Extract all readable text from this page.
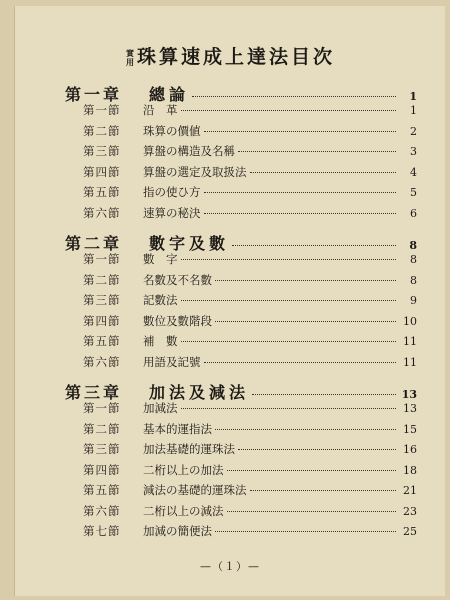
實用 珠算速成上達法目次
第一章	總論	1
第一節	沿　革	1
第二節	珠算の價値	2
第三節	算盤の構造及名稱	3
第四節	算盤の選定及取扱法	4
第五節	指の使ひ方	5
第六節	速算の秘決	6
第二章	數字及數	8
第一節	數　字	8
第二節	名數及不名數	8
第三節	記數法	9
第四節	數位及數階段	10
第五節	補　數	11
第六節	用語及記號	11
第三章	加法及減法	13
第一節	加減法	13
第二節	基本的運指法	15
第三節	加法基礎的運珠法	16
第四節	二桁以上の加法	18
第五節	減法の基礎的運珠法	21
第六節	二桁以上の減法	23
第七節	加減の簡便法	25
—（１）—
